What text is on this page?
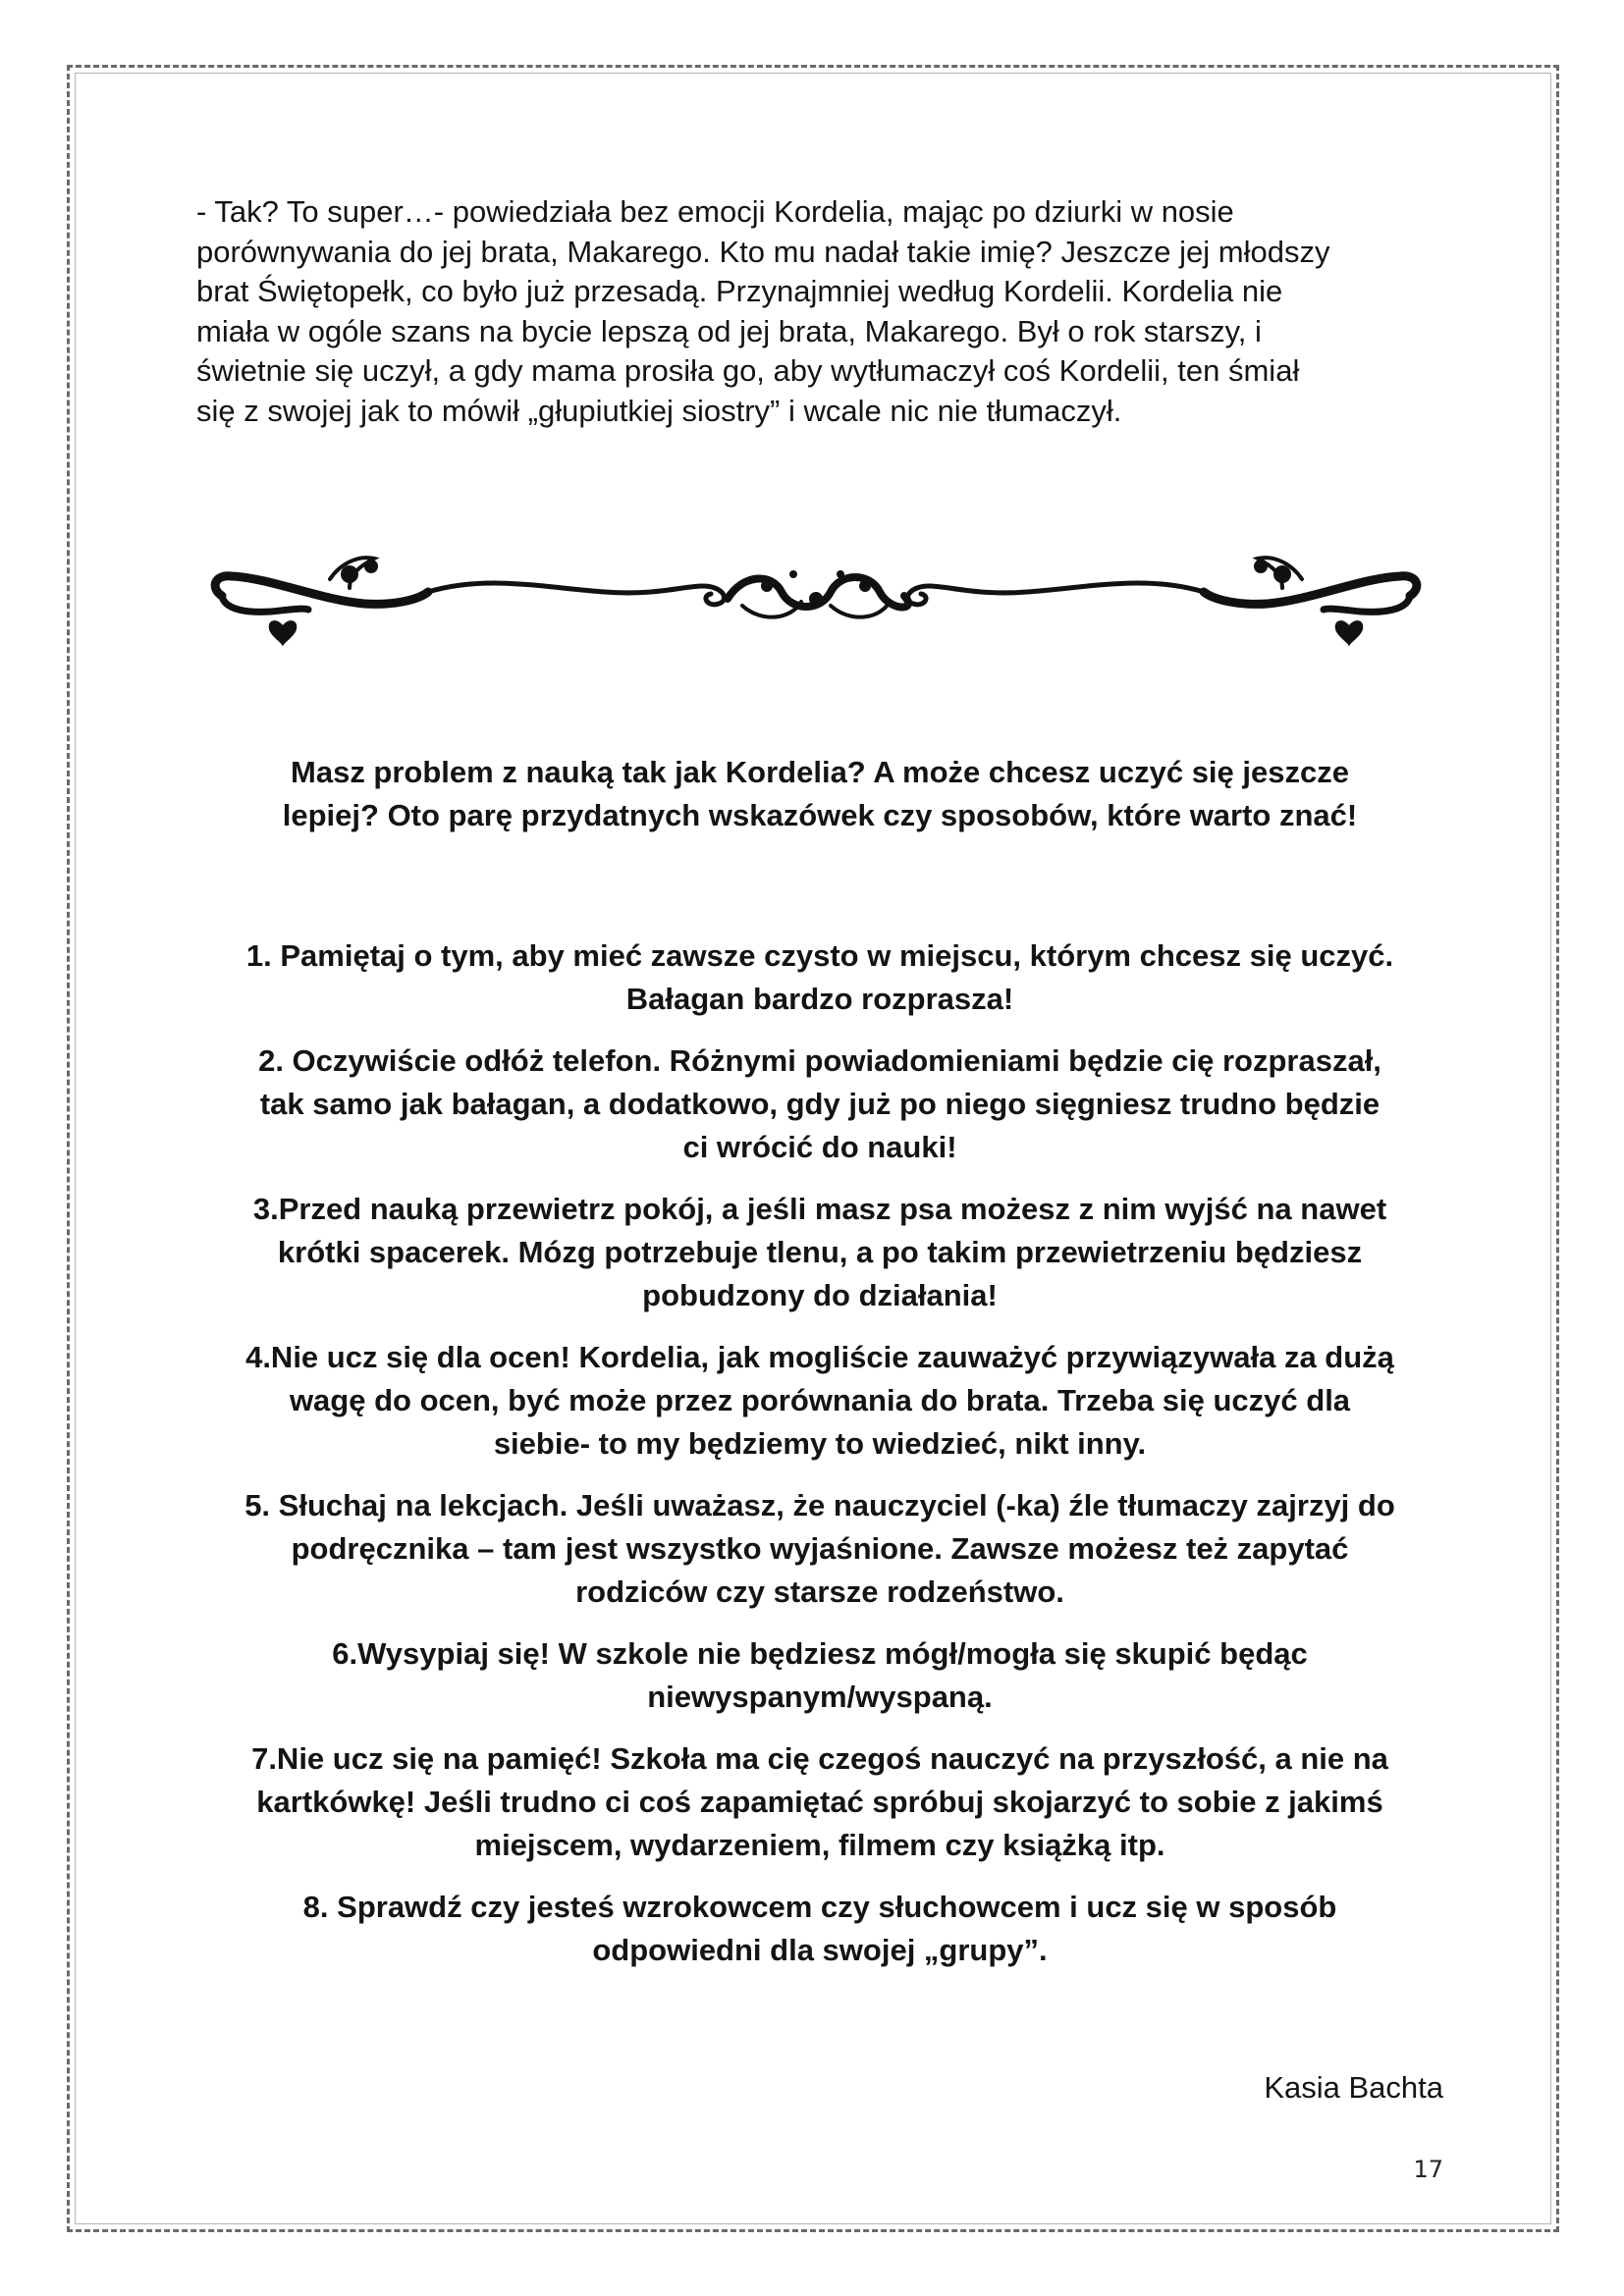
- Tak? To super…- powiedziała bez emocji Kordelia, mając po dziurki w nosie

porównywania do jej brata, Makarego. Kto mu nadał takie imię? Jeszcze jej młodszy

brat Świętopełk, co było już przesadą. Przynajmniej według Kordelii. Kordelia nie

miała w ogóle szans na bycie lepszą od jej brata, Makarego. Był o rok starszy, i

świetnie się uczył, a gdy mama prosiła go, aby wytłumaczył coś Kordelii, ten śmiał

się z swojej jak to mówił „głupiutkiej siostry” i wcale nic nie tłumaczył.

Masz problem z nauką tak jak Kordelia? A może chcesz uczyć się jeszcze

lepiej? Oto parę przydatnych wskazówek czy sposobów, które warto znać!

1. Pamiętaj o tym, aby mieć zawsze czysto w miejscu, którym chcesz się uczyć.

Bałagan bardzo rozprasza!

2. Oczywiście odłóż telefon. Różnymi powiadomieniami będzie cię rozpraszał,

tak samo jak bałagan, a dodatkowo, gdy już po niego sięgniesz trudno będzie

ci wrócić do nauki!

3.Przed nauką przewietrz pokój, a jeśli masz psa możesz z nim wyjść na nawet

krótki spacerek. Mózg potrzebuje tlenu, a po takim przewietrzeniu będziesz

pobudzony do działania!

4.Nie ucz się dla ocen! Kordelia, jak mogliście zauważyć przywiązywała za dużą

wagę do ocen, być może przez porównania do brata. Trzeba się uczyć dla

siebie- to my będziemy to wiedzieć, nikt inny.

5. Słuchaj na lekcjach. Jeśli uważasz, że nauczyciel (-ka) źle tłumaczy zajrzyj do

podręcznika – tam jest wszystko wyjaśnione. Zawsze możesz też zapytać

rodziców czy starsze rodzeństwo.

6.Wysypiaj się! W szkole nie będziesz mógł/mogła się skupić będąc

niewyspanym/wyspaną.

7.Nie ucz się na pamięć! Szkoła ma cię czegoś nauczyć na przyszłość, a nie na

kartkówkę! Jeśli trudno ci coś zapamiętać spróbuj skojarzyć to sobie z jakimś

miejscem, wydarzeniem, filmem czy książką itp.

8. Sprawdź czy jesteś wzrokowcem czy słuchowcem i ucz się w sposób

odpowiedni dla swojej „grupy”.

Kasia Bachta
17
